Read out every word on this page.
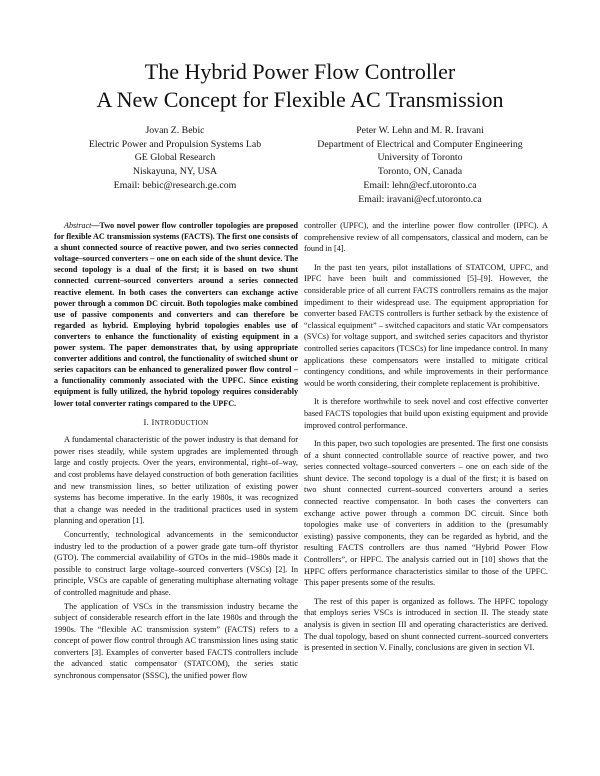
The Hybrid Power Flow Controller
A New Concept for Flexible AC Transmission
Jovan Z. Bebic
Electric Power and Propulsion Systems Lab
GE Global Research
Niskayuna, NY, USA
Email: bebic@research.ge.com
Peter W. Lehn and M. R. Iravani
Department of Electrical and Computer Engineering
University of Toronto
Toronto, ON, Canada
Email: lehn@ecf.utoronto.ca
Email: iravani@ecf.utoronto.ca

Abstract—Two novel power flow controller topologies are proposed for flexible AC transmission systems (FACTS). The first one consists of a shunt connected source of reactive power, and two series connected voltage–sourced converters – one on each side of the shunt device. The second topology is a dual of the first; it is based on two shunt connected current–sourced converters around a series connected reactive element. In both cases the converters can exchange active power through a common DC circuit. Both topologies make combined use of passive components and converters and can therefore be regarded as hybrid. Employing hybrid topologies enables use of converters to enhance the functionality of existing equipment in a power system. The paper demonstrates that, by using appropriate converter additions and control, the functionality of switched shunt or series capacitors can be enhanced to generalized power flow control – a functionality commonly associated with the UPFC. Since existing equipment is fully utilized, the hybrid topology requires considerably lower total converter ratings compared to the UPFC.

I. INTRODUCTION

A fundamental characteristic of the power industry is that demand for power rises steadily, while system upgrades are implemented through large and costly projects. Over the years, environmental, right–of–way, and cost problems have delayed construction of both generation facilities and new transmission lines, so better utilization of existing power systems has become imperative. In the early 1980s, it was recognized that a change was needed in the traditional practices used in system planning and operation [1].

Concurrently, technological advancements in the semiconductor industry led to the production of a power grade gate turn–off thyristor (GTO). The commercial availability of GTOs in the mid–1980s made it possible to construct large voltage–sourced converters (VSCs) [2]. In principle, VSCs are capable of generating multiphase alternating voltage of controlled magnitude and phase.

The application of VSCs in the transmission industry became the subject of considerable research effort in the late 1980s and through the 1990s. The “flexible AC transmission system” (FACTS) refers to a concept of power flow control through AC transmission lines using static converters [3]. Examples of converter based FACTS controllers include the advanced static compensator (STATCOM), the series static synchronous compensator (SSSC), the unified power flow

controller (UPFC), and the interline power flow controller (IPFC). A comprehensive review of all compensators, classical and modern, can be found in [4].

In the past ten years, pilot installations of STATCOM, UPFC, and IPFC have been built and commissioned [5]–[9]. However, the considerable price of all current FACTS controllers remains as the major impediment to their widespread use. The equipment appropriation for converter based FACTS controllers is further setback by the existence of “classical equipment” – switched capacitors and static VAr compensators (SVCs) for voltage support, and switched series capacitors and thyristor controlled series capacitors (TCSCs) for line impedance control. In many applications these compensators were installed to mitigate critical contingency conditions, and while improvements in their performance would be worth considering, their complete replacement is prohibitive.

It is therefore worthwhile to seek novel and cost effective converter based FACTS topologies that build upon existing equipment and provide improved control performance.

In this paper, two such topologies are presented. The first one consists of a shunt connected controllable source of reactive power, and two series connected voltage–sourced converters – one on each side of the shunt device. The second topology is a dual of the first; it is based on two shunt connected current–sourced converters around a series connected reactive compensator. In both cases the converters can exchange active power through a common DC circuit. Since both topologies make use of converters in addition to the (presumably existing) passive components, they can be regarded as hybrid, and the resulting FACTS controllers are thus named “Hybrid Power Flow Controllers”, or HPFC. The analysis carried out in [10] shows that the HPFC offers performance characteristics similar to those of the UPFC. This paper presents some of the results.

The rest of this paper is organized as follows. The HPFC topology that employs series VSCs is introduced in section II. The steady state analysis is given in section III and operating characteristics are derived. The dual topology, based on shunt connected current–sourced converters is presented in section V. Finally, conclusions are given in section VI.
